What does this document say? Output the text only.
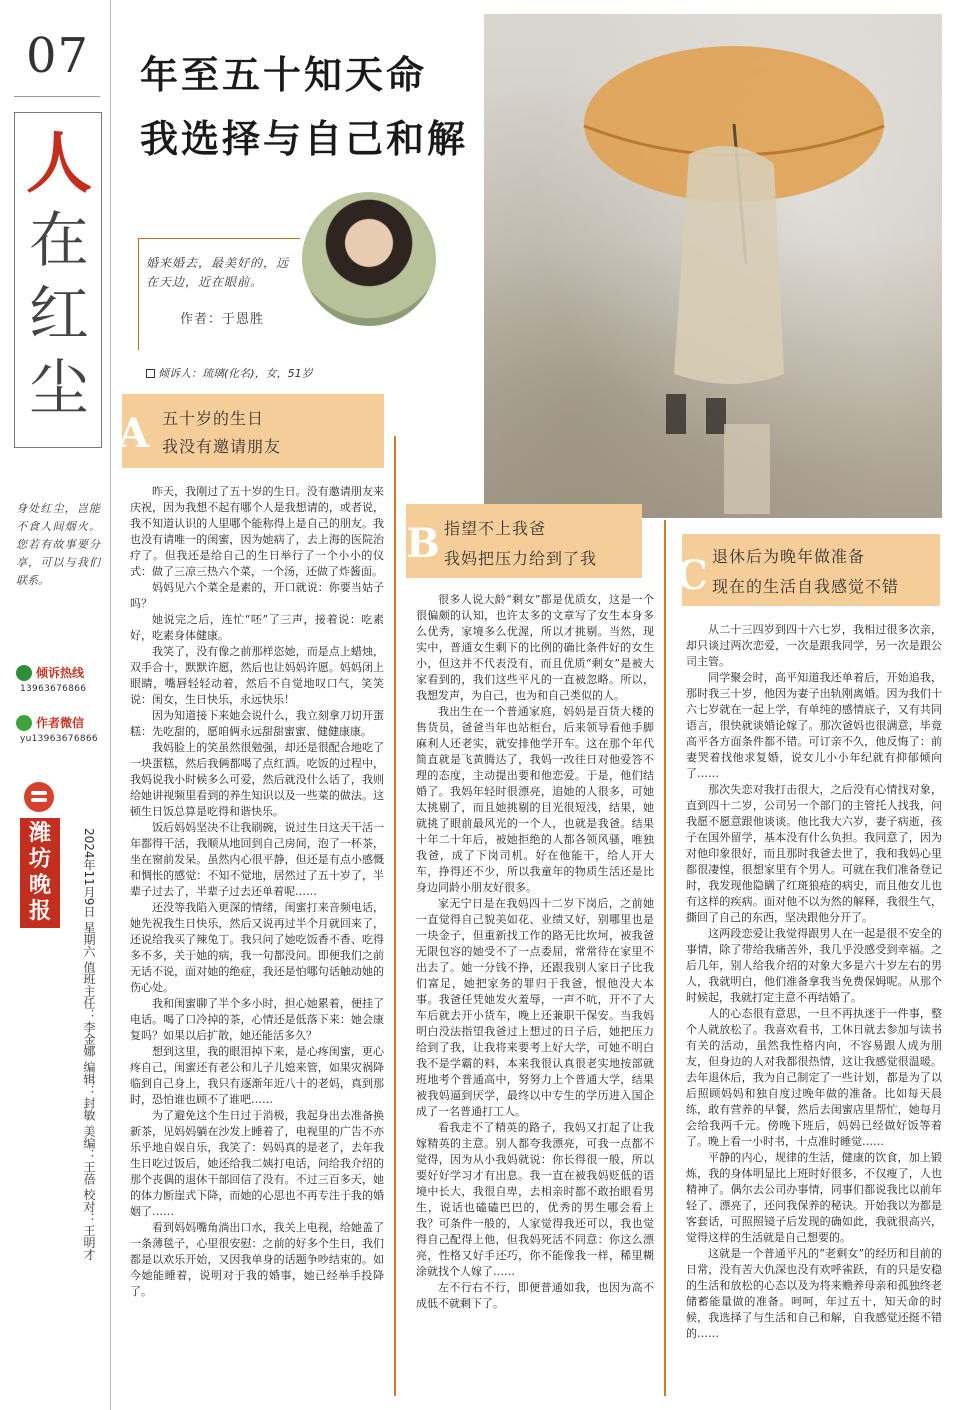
07
人
在
红
尘
身处红尘，岂能不食人间烟火。您若有故事要分享，可以与我们联系。
倾诉热线
13963676866
作者微信
yu13963676866
潍坊晚报	2024年11月9日 星期六 值班主任：李金娜 编辑：封敏 美编：王蓓 校对：王明才
年至五十知天命
我选择与自己和解
婚来婚去，最美好的，远在天边，近在眼前。
作者：于恩胜
倾诉人：琉璃(化名)，女，51岁
A 五十岁的生日
我没有邀请朋友
B 指望不上我爸
我妈把压力给到了我 C 退休后为晚年做准备
现在的生活自我感觉不错

昨天，我刚过了五十岁的生日。没有邀请朋友来庆祝，因为我想不起有哪个人是我想请的，或者说，我不知道认识的人里哪个能称得上是自己的朋友。我也没有请唯一的闺蜜，因为她病了，去上海的医院治疗了。但我还是给自己的生日举行了一个小小的仪式：做了三凉三热六个菜，一个汤，还做了炸酱面。

妈妈见六个菜全是素的，开口就说：你要当姑子吗？

她说完之后，连忙“呸”了三声，接着说：吃素好，吃素身体健康。

我笑了，没有像之前那样恣她，而是点上蜡烛，双手合十，默默许愿，然后也让妈妈许愿。妈妈闭上眼睛，嘴唇轻轻动着，然后不自觉地叹口气，笑笑说：闺女，生日快乐，永远快乐！

因为知道接下来她会说什么，我立刻拿刀切开蛋糕：先吃甜的，愿咱俩永远甜甜蜜蜜、健健康康。

我妈脸上的笑虽然很勉强，却还是很配合地吃了一块蛋糕，然后我俩都喝了点红酒。吃饭的过程中，我妈说我小时候多么可爱，然后就没什么话了，我则给她讲视频里看到的养生知识以及一些菜的做法。这顿生日饭总算是吃得和谐快乐。

饭后妈妈坚决不让我刷碗，说过生日这天干活一年都得干活，我顺从地回到自己房间，泡了一杯茶，坐在窗前发呆。虽然内心很平静，但还是有点小感慨和惆怅的感觉：不知不觉地，居然过了五十岁了，半辈子过去了，半辈子过去还单着呢……

还没等我陷入更深的情绪，闺蜜打来音频电话，她先祝我生日快乐，然后又说再过半个月就回来了，还说给我买了辣兔丁。我只问了她吃饭香不香、吃得多不多，关于她的病，我一句都没问。即便我们之前无话不说，面对她的绝症，我还是怕哪句话触动她的伤心处。

我和闺蜜聊了半个多小时，担心她累着，便挂了电话。喝了口冷掉的茶，心情还是低落下来：她会康复吗？如果以后扩散，她还能活多久？

想到这里，我的眼泪掉下来，是心疼闺蜜，更心疼自己，闺蜜还有老公和儿子儿媳来管，如果灾祸降临到自己身上，我只有逐渐年近八十的老妈，真到那时，恐怕谁也顾不了谁吧……

为了避免这个生日过于消极，我起身出去准备换新茶，见妈妈躺在沙发上睡着了，电视里的广告不亦乐乎地自娱自乐，我笑了：妈妈真的是老了，去年我生日吃过饭后，她还给我二姨打电话，问给我介绍的那个丧偶的退休干部回信了没有。不过三百多天，她的体力断崖式下降，而她的心思也不再专注于我的婚姻了……

看到妈妈嘴角淌出口水，我关上电视，给她盖了一条薄毯子，心里很安慰：之前的好多个生日，我们都是以欢乐开始，又因我单身的话题争吵结束的。如今她能睡着，说明对于我的婚事，她已经举手投降了。

很多人说大龄“剩女”都是优质女，这是一个很偏颇的认知，也许太多的文章写了女生本身多么优秀，家境多么优渥，所以才挑剔。当然，现实中，普通女生剩下的比例的确比条件好的女生小，但这并不代表没有，而且优质“剩女”是被大家看到的，我们这些平凡的一直被忽略。所以，我想发声，为自己，也为和自己类似的人。

我出生在一个普通家庭，妈妈是百货大楼的售货员，爸爸当年也站柜台，后来领导看他手脚麻利人还老实，就安排他学开车。这在那个年代简直就是飞黄腾达了，我妈一改往日对他爱答不理的态度，主动提出要和他恋爱。于是，他们结婚了。我妈年轻时很漂亮，追她的人很多，可她太挑剔了，而且她挑剔的目光很短浅，结果，她就挑了眼前最风光的一个人，也就是我爸。结果十年二十年后，被她拒绝的人都各领风骚，唯独我爸，成了下岗司机。好在他能干，给人开大车，挣得还不少，所以我童年的物质生活还是比身边同龄小朋友好很多。

家无宁日是在我妈四十二岁下岗后，之前她一直觉得自己貌美如花、业绩又好，别哪里也是一块金子，但重新找工作的路无比坎坷，被我爸无限包容的她受不了一点委屈，常常待在家里不出去了。她一分钱不挣，还跟我别人家日子比我们富足，她把家务的罪归于我爸，恨他没大本事。我爸任凭她发火羞辱，一声不吭，开不了大车后就去开小货车，晚上还兼职干保安。当我妈明白没法指望我爸过上想过的日子后，她把压力给到了我，让我将来要考上好大学，可她不明白我不是学霸的料，本来我很认真很老实地按部就班地考个普通高中，努努力上个普通大学，结果被我妈逼到厌学，最终以中专生的学历进入国企成了一名普通打工人。

看我走不了精英的路子，我妈又打起了让我嫁精英的主意。别人都夸我漂亮，可我一点都不觉得，因为从小我妈就说：你长得很一般，所以要好好学习才有出息。我一直在被我妈贬低的语境中长大，我很自卑，去相亲时都不敢抬眼看男生，说话也磕磕巴巴的，优秀的男生哪会看上我？可条件一般的，人家觉得我还可以，我也觉得自己配得上他，但我妈死活不同意：你这么漂亮，性格又好手还巧，你不能像我一样，稀里糊涂就找个人嫁了……

左不行右不行，即便普通如我，也因为高不成低不就剩下了。

从二十三四岁到四十六七岁，我相过很多次亲，却只谈过两次恋爱，一次是跟我同学，另一次是跟公司主管。

同学聚会时，高平知道我还单着后，开始追我，那时我三十岁，他因为妻子出轨刚离婚。因为我们十六七岁就在一起上学，有单纯的感情底子，又有共同语言，很快就谈婚论嫁了。那次爸妈也很满意，毕竟高平各方面条件都不错。可订亲不久，他反悔了：前妻哭着找他求复婚，说女儿小小年纪就有抑郁倾向了……

那次失恋对我打击很大，之后没有心情找对象，直到四十二岁，公司另一个部门的主管托人找我，问我愿不愿意跟他谈谈。他比我大六岁，妻子病逝，孩子在国外留学，基本没有什么负担。我同意了，因为对他印象很好，而且那时我爸去世了，我和我妈心里都很凄惶，很想家里有个男人。可就在我们准备登记时，我发现他隐瞒了红斑狼疮的病史，而且他女儿也有这样的疾病。面对他不以为然的解释，我很生气，撕回了自己的东西，坚决跟他分开了。

这两段恋爱让我觉得跟男人在一起是很不安全的事情，除了带给我痛苦外，我几乎没感受到幸福。之后几年，别人给我介绍的对象大多是六十岁左右的男人，我就明白，他们准备拿我当免费保姆呢。从那个时候起，我就打定主意不再结婚了。

人的心态很有意思，一旦不再执迷于一件事，整个人就放松了。我喜欢看书，工休日就去参加与读书有关的活动，虽然我性格内向，不容易跟人成为朋友，但身边的人对我都很热情，这让我感觉很温暖。去年退休后，我为自己制定了一些计划，都是为了以后照顾妈妈和独自度过晚年做的准备。比如每天晨练，敢有营养的早餐，然后去闺蜜店里帮忙，她每月会给我两千元。傍晚下班后，妈妈已经做好饭等着了。晚上看一小时书，十点准时睡觉……

平静的内心，规律的生活，健康的饮食，加上锻炼，我的身体明显比上班时好很多，不仅瘦了，人也精神了。偶尔去公司办事情，同事们都说我比以前年轻了、漂亮了，还问我保养的秘诀。开始我以为都是客套话，可照照镜子后发现的确如此，我就很高兴，觉得这样的生活就是自己想要的。

这就是一个普通平凡的“老剩女”的经历和目前的日常，没有苦大仇深也没有欢呼雀跃，有的只是安稳的生活和放松的心态以及为将来赡养母亲和孤独终老储蓄能量做的准备。呵呵，年过五十，知天命的时候，我选择了与生活和自己和解，自我感觉还挺不错的……
